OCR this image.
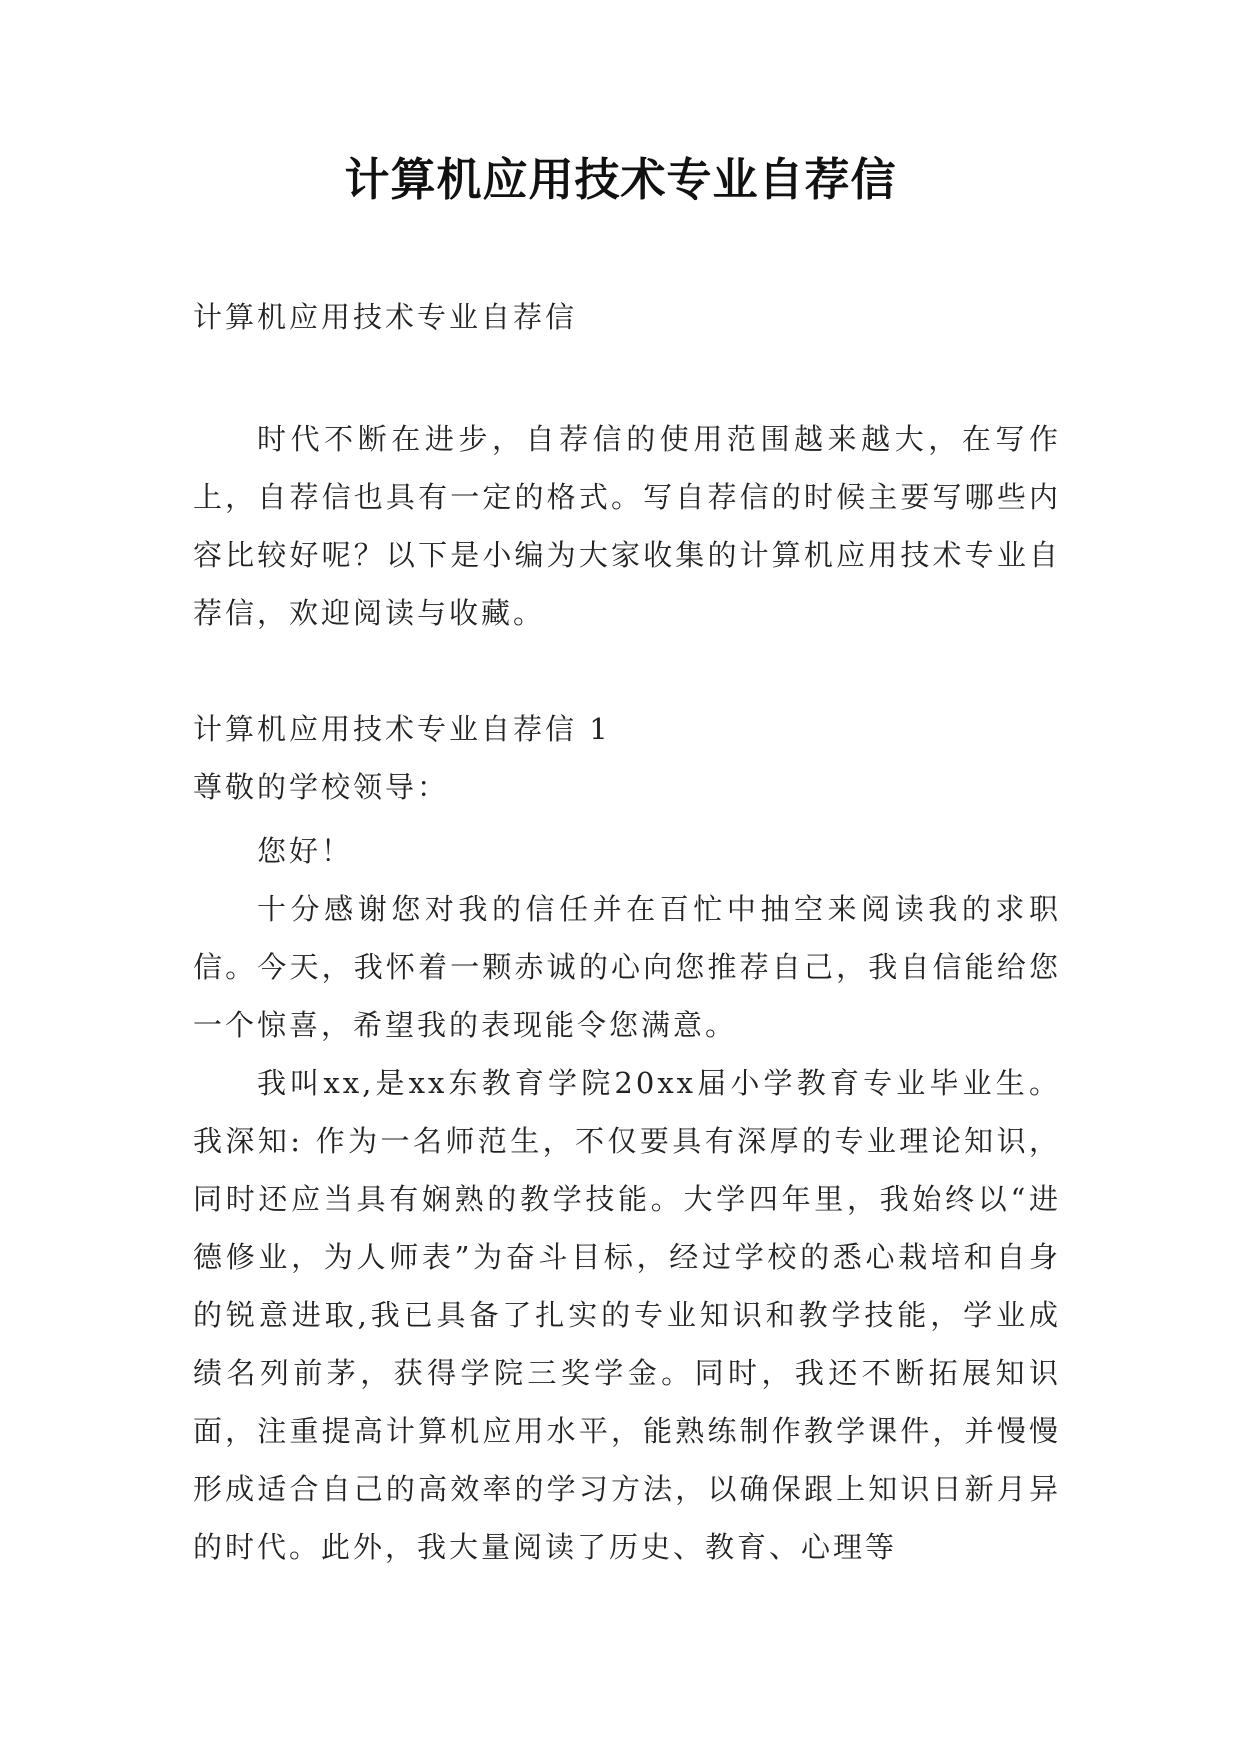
计算机应用技术专业自荐信
计算机应用技术专业自荐信
时代不断在进步，自荐信的使用范围越来越大，在写作上，自荐信也具有一定的格式。写自荐信的时候主要写哪些内容比较好呢？以下是小编为大家收集的计算机应用技术专业自荐信，欢迎阅读与收藏。
计算机应用技术专业自荐信 1
尊敬的学校领导：

您好！

十分感谢您对我的信任并在百忙中抽空来阅读我的求职信。今天，我怀着一颗赤诚的心向您推荐自己，我自信能给您一个惊喜，希望我的表现能令您满意。

我叫xx,是xx东教育学院20xx届小学教育专业毕业生。我深知: 作为一名师范生，不仅要具有深厚的专业理论知识，同时还应当具有娴熟的教学技能。大学四年里，我始终以“进德修业，为人师表”为奋斗目标，经过学校的悉心栽培和自身的锐意进取,我已具备了扎实的专业知识和教学技能，学业成绩名列前茅，获得学院三奖学金。同时，我还不断拓展知识面，注重提高计算机应用水平，能熟练制作教学课件，并慢慢形成适合自己的高效率的学习方法，以确保跟上知识日新月异的时代。此外，我大量阅读了历史、教育、心理等
